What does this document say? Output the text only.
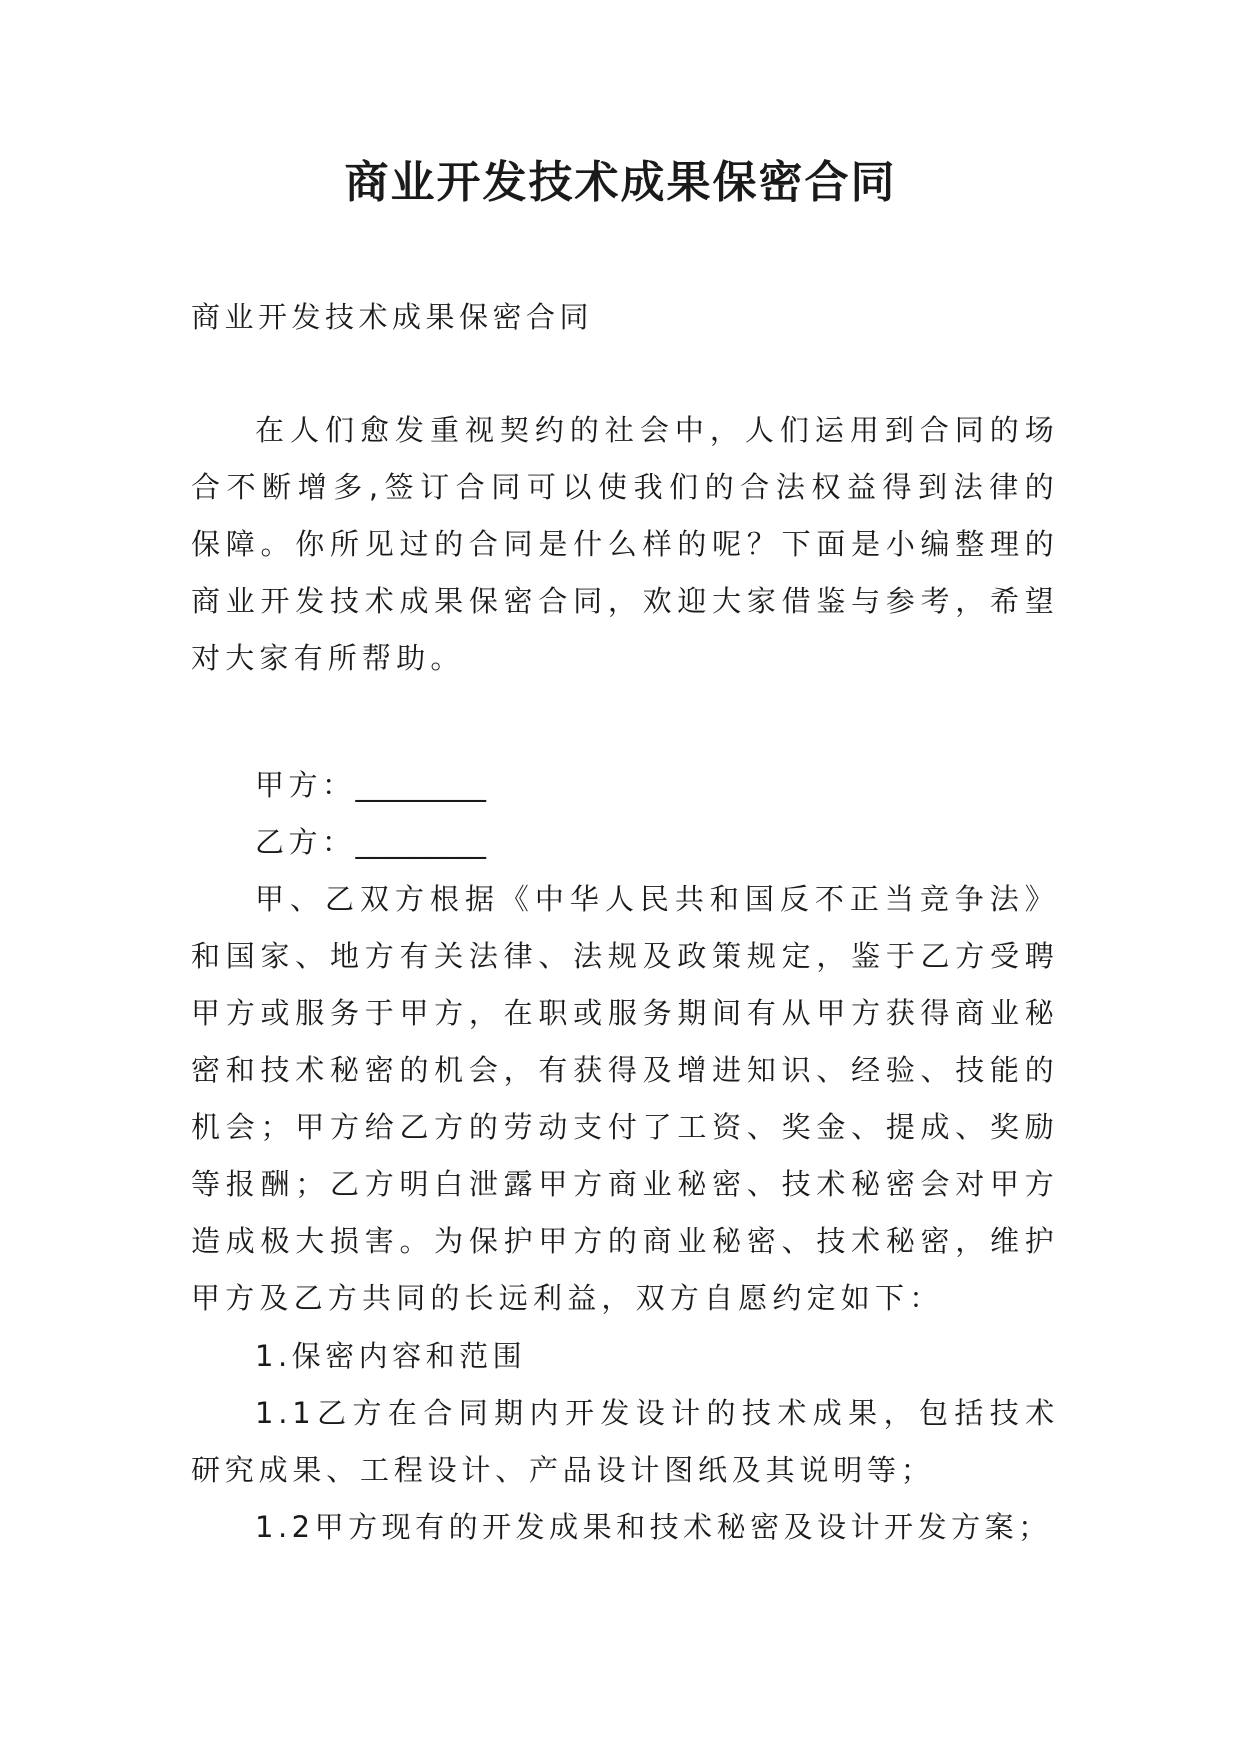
商业开发技术成果保密合同

商业开发技术成果保密合同

在人们愈发重视契约的社会中，人们运用到合同的场合不断增多,签订合同可以使我们的合法权益得到法律的保障。你所见过的合同是什么样的呢？下面是小编整理的商业开发技术成果保密合同，欢迎大家借鉴与参考，希望对大家有所帮助。

甲方：_________

乙方：_________

甲、乙双方根据《中华人民共和国反不正当竞争法》和国家、地方有关法律、法规及政策规定，鉴于乙方受聘甲方或服务于甲方，在职或服务期间有从甲方获得商业秘密和技术秘密的机会，有获得及增进知识、经验、技能的机会；甲方给乙方的劳动支付了工资、奖金、提成、奖励等报酬；乙方明白泄露甲方商业秘密、技术秘密会对甲方造成极大损害。为保护甲方的商业秘密、技术秘密，维护甲方及乙方共同的长远利益，双方自愿约定如下：

1.保密内容和范围

1.1乙方在合同期内开发设计的技术成果，包括技术研究成果、工程设计、产品设计图纸及其说明等；

1.2甲方现有的开发成果和技术秘密及设计开发方案；
